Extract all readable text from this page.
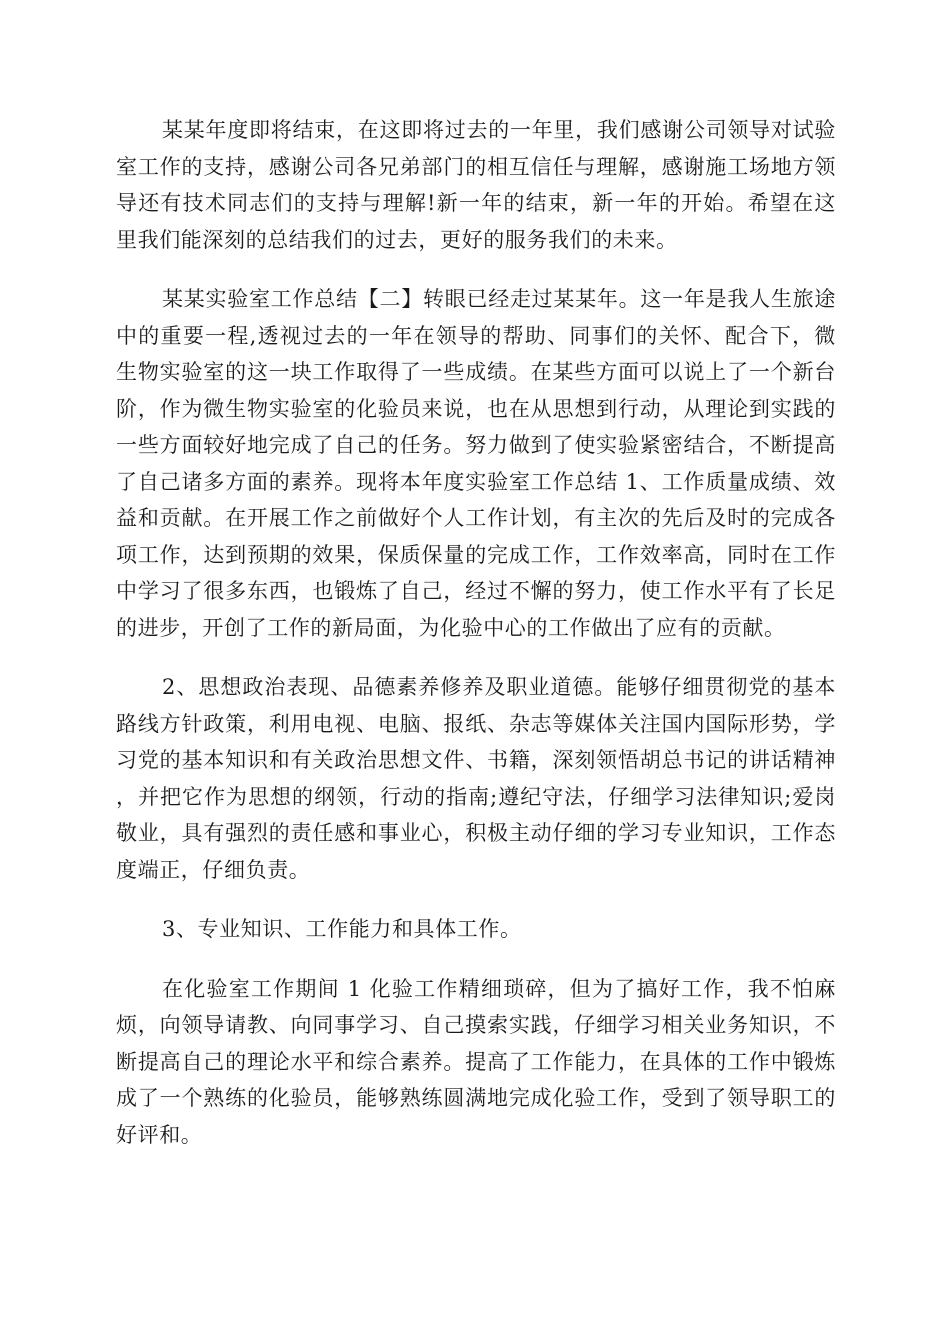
某某年度即将结束，在这即将过去的一年里，我们感谢公司领导对试验室工作的支持，感谢公司各兄弟部门的相互信任与理解，感谢施工场地方领导还有技术同志们的支持与理解!新一年的结束，新一年的开始。希望在这里我们能深刻的总结我们的过去，更好的服务我们的未来。

某某实验室工作总结【二】转眼已经走过某某年。这一年是我人生旅途中的重要一程,透视过去的一年在领导的帮助、同事们的关怀、配合下，微生物实验室的这一块工作取得了一些成绩。在某些方面可以说上了一个新台阶，作为微生物实验室的化验员来说，也在从思想到行动，从理论到实践的一些方面较好地完成了自己的任务。努力做到了使实验紧密结合，不断提高了自己诸多方面的素养。现将本年度实验室工作总结 1、工作质量成绩、效益和贡献。在开展工作之前做好个人工作计划，有主次的先后及时的完成各项工作，达到预期的效果，保质保量的完成工作，工作效率高，同时在工作中学习了很多东西，也锻炼了自己，经过不懈的努力，使工作水平有了长足的进步，开创了工作的新局面，为化验中心的工作做出了应有的贡献。

2、思想政治表现、品德素养修养及职业道德。能够仔细贯彻党的基本路线方针政策，利用电视、电脑、报纸、杂志等媒体关注国内国际形势，学习党的基本知识和有关政治思想文件、书籍，深刻领悟胡总书记的讲话精神，并把它作为思想的纲领，行动的指南;遵纪守法，仔细学习法律知识;爱岗敬业，具有强烈的责任感和事业心，积极主动仔细的学习专业知识，工作态度端正，仔细负责。

3、专业知识、工作能力和具体工作。

在化验室工作期间 1 化验工作精细琐碎，但为了搞好工作，我不怕麻烦，向领导请教、向同事学习、自己摸索实践，仔细学习相关业务知识，不断提高自己的理论水平和综合素养。提高了工作能力，在具体的工作中锻炼成了一个熟练的化验员，能够熟练圆满地完成化验工作，受到了领导职工的好评和。
